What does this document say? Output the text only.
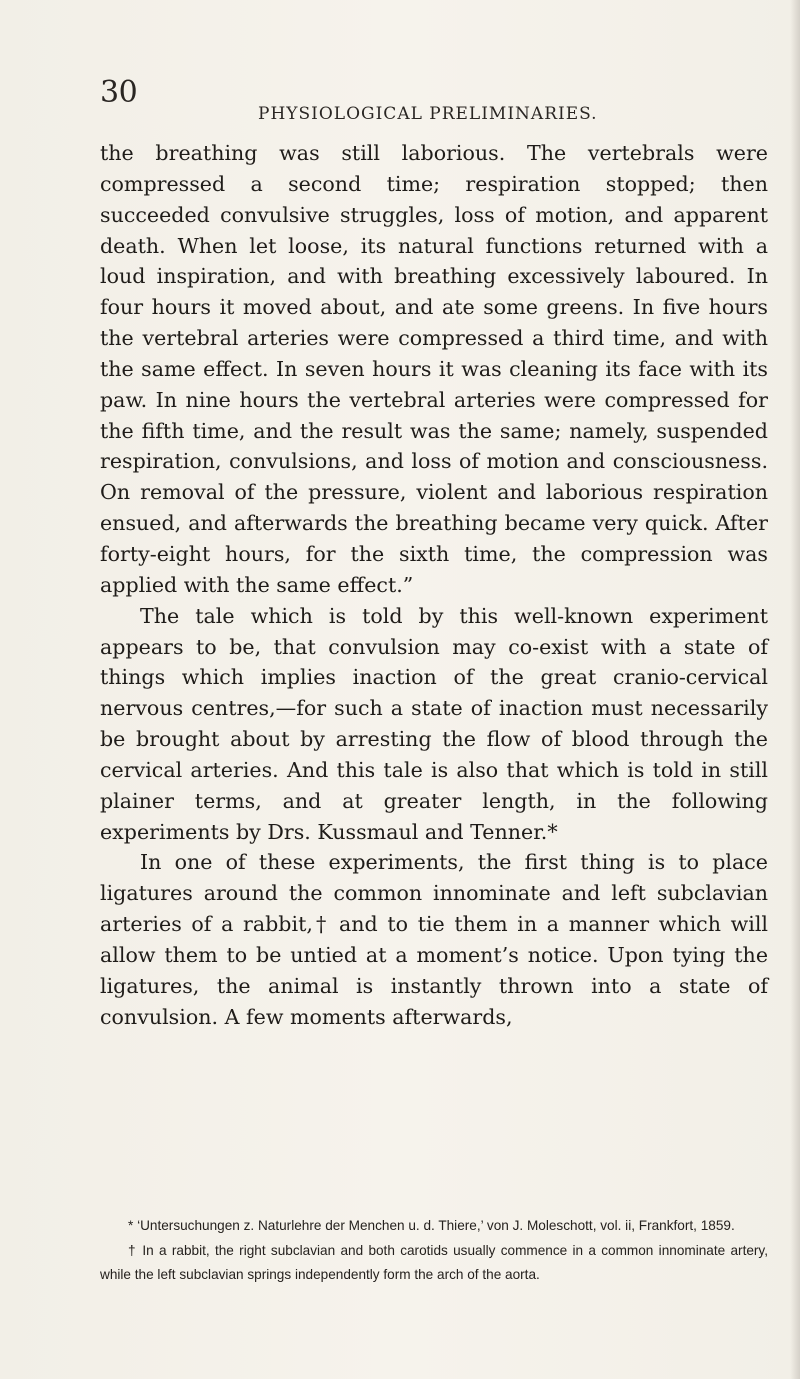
30
PHYSIOLOGICAL PRELIMINARIES.

the breathing was still laborious. The vertebrals were compressed a second time; respiration stopped; then succeeded convulsive struggles, loss of motion, and apparent death. When let loose, its natural functions returned with a loud inspiration, and with breathing excessively laboured. In four hours it moved about, and ate some greens. In five hours the vertebral arteries were compressed a third time, and with the same effect. In seven hours it was cleaning its face with its paw. In nine hours the vertebral arteries were compressed for the fifth time, and the result was the same; namely, suspended respiration, convulsions, and loss of motion and consciousness. On removal of the pressure, violent and laborious respiration ensued, and afterwards the breathing became very quick. After forty-eight hours, for the sixth time, the compression was applied with the same effect.”

The tale which is told by this well-known experiment appears to be, that convulsion may co-exist with a state of things which implies inaction of the great cranio-cervical nervous centres,—for such a state of inaction must necessarily be brought about by arresting the flow of blood through the cervical arteries. And this tale is also that which is told in still plainer terms, and at greater length, in the following experiments by Drs. Kussmaul and Tenner.*

In one of these experiments, the first thing is to place ligatures around the common innominate and left subclavian arteries of a rabbit,† and to tie them in a manner which will allow them to be untied at a moment’s notice. Upon tying the ligatures, the animal is instantly thrown into a state of convulsion. A few moments afterwards,

* ‘Untersuchungen z. Naturlehre der Menchen u. d. Thiere,’ von J. Moleschott, vol. ii, Frankfort, 1859.

† In a rabbit, the right subclavian and both carotids usually commence in a common innominate artery, while the left subclavian springs independently form the arch of the aorta.
